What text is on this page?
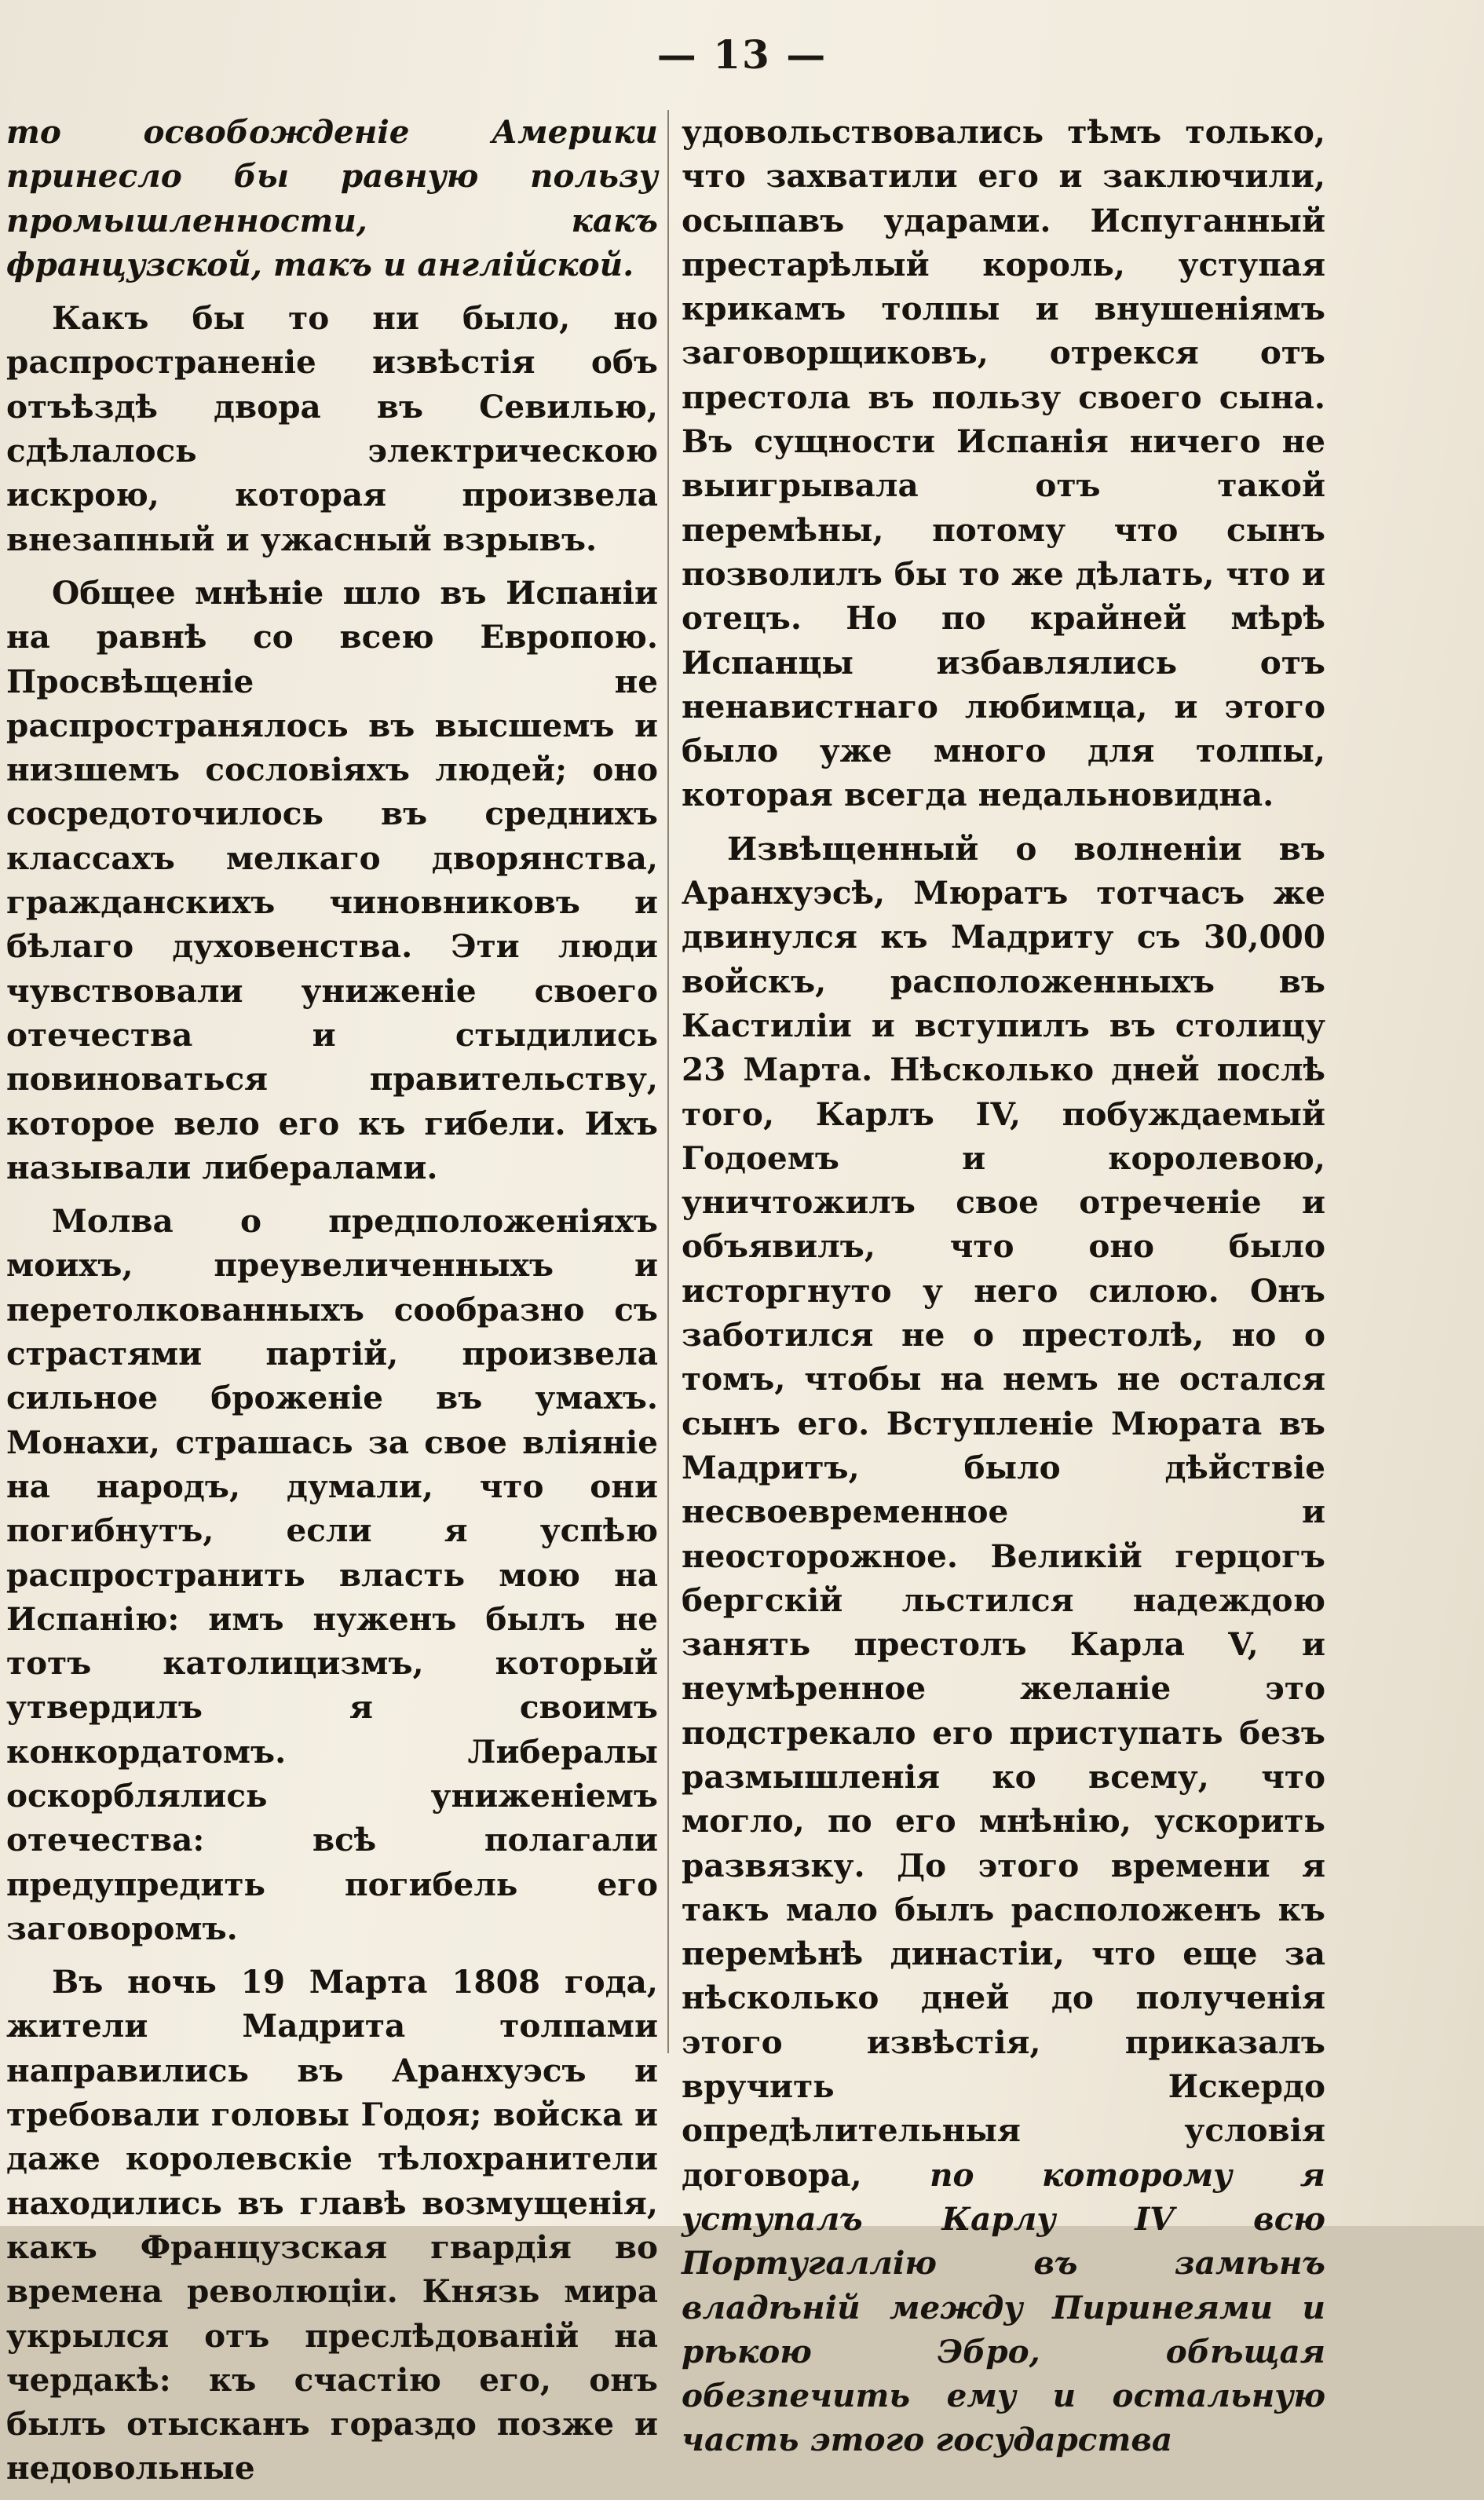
— 13 —

то освобожденіе Америки принесло бы равную пользу промышленности, какъ французской, такъ и англійской.

Какъ бы то ни было, но распространеніе извѣстія объ отъѣздѣ двора въ Севилью, сдѣлалось электрическою искрою, которая произвела внезапный и ужасный взрывъ.

Общее мнѣніе шло въ Испаніи на равнѣ со всею Европою. Просвѣщеніе не распространялось въ высшемъ и низшемъ сословіяхъ людей; оно сосредоточилось въ среднихъ классахъ мелкаго дворянства, гражданскихъ чиновниковъ и бѣлаго духовенства. Эти люди чувствовали униженіе своего отечества и стыдились повиноваться правительству, которое вело его къ гибели. Ихъ называли либералами.

Молва о предположеніяхъ моихъ, преувеличенныхъ и перетолкованныхъ сообразно съ страстями партій, произвела сильное броженіе въ умахъ. Монахи, страшась за свое вліяніе на народъ, думали, что они погибнутъ, если я успѣю распространить власть мою на Испанію: имъ нуженъ былъ не тотъ католицизмъ, который утвердилъ я своимъ конкордатомъ. Либералы оскорблялись униженіемъ отечества: всѣ полагали предупредить погибель его заговоромъ.

Въ ночь 19 Марта 1808 года, жители Мадрита толпами направились въ Аранхуэсъ и требовали головы Годоя; войска и даже королевскіе тѣлохранители находились въ главѣ возмущенія, какъ Французская гвардія во времена революціи. Князь мира укрылся отъ преслѣдованій на чердакѣ: къ счастію его, онъ былъ отысканъ гораздо позже и недовольные

удовольствовались тѣмъ только, что захватили его и заключили, осыпавъ ударами. Испуганный престарѣлый король, уступая крикамъ толпы и внушеніямъ заговорщиковъ, отрекся отъ престола въ пользу своего сына. Въ сущности Испанія ничего не выигрывала отъ такой перемѣны, потому что сынъ позволилъ бы то же дѣлать, что и отецъ. Но по крайней мѣрѣ Испанцы избавлялись отъ ненавистнаго любимца, и этого было уже много для толпы, которая всегда недальновидна.

Извѣщенный о волненіи въ Аранхуэсѣ, Мюратъ тотчасъ же двинулся къ Мадриту съ 30,000 войскъ, расположенныхъ въ Кастиліи и вступилъ въ столицу 23 Марта. Нѣсколько дней послѣ того, Карлъ IV, побуждаемый Годоемъ и королевою, уничтожилъ свое отреченіе и объявилъ, что оно было исторгнуто у него силою. Онъ заботился не о престолѣ, но о томъ, чтобы на немъ не остался сынъ его. Вступленіе Мюрата въ Мадритъ, было дѣйствіе несвоевременное и неосторожное. Великій герцогъ бергскій льстился надеждою занять престолъ Карла V, и неумѣренное желаніе это подстрекало его приступать безъ размышленія ко всему, что могло, по его мнѣнію, ускорить развязку. До этого времени я такъ мало былъ расположенъ къ перемѣнѣ династіи, что еще за нѣсколько дней до полученія этого извѣстія, приказалъ вручить Искердо опредѣлительныя условія договора, по которому я уступалъ Карлу IV всю Португаллію въ замѣнъ владѣній между Пиринеями и рѣкою Эбро, обѣщая обезпечить ему и остальную часть этого государства
